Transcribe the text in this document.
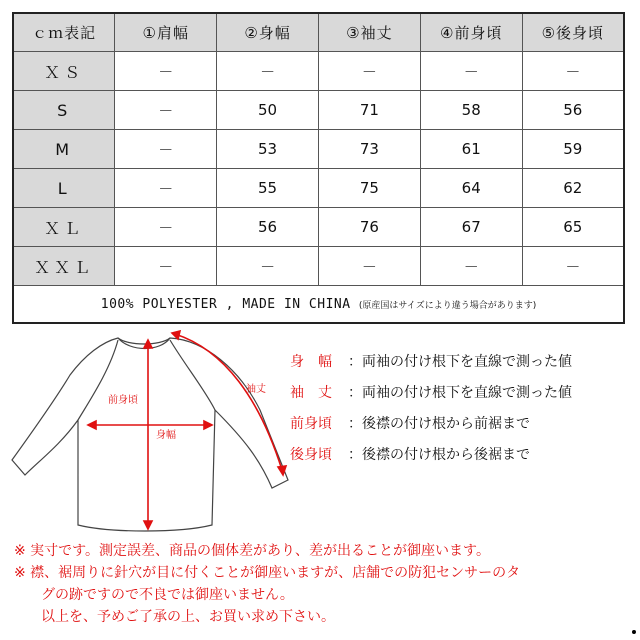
ｃｍ表記	①肩幅	②身幅	③袖丈	④前身頃	⑤後身頃
ＸＳ	－	－	－	－	－
S	－	50	71	58	56
M	－	53	73	61	59
L	－	55	75	64	62
ＸＬ	－	56	76	67	65
ＸＸＬ	－	－	－	－	－
100% POLYESTER , MADE IN CHINA (原産国はサイズにより違う場合があります)					
前身頃
身幅
袖丈
身　幅	： 両袖の付け根下を直線で測った値
袖　丈	： 両袖の付け根下を直線で測った値
前身頃	： 後襟の付け根から前裾まで
後身頃	： 後襟の付け根から後裾まで
※ 実寸です。測定誤差、商品の個体差があり、差が出ることが御座います。
※ 襟、裾周りに針穴が目に付くことが御座いますが、店舗での防犯センサーのタ
グの跡ですので不良では御座いません。
以上を、予めご了承の上、お買い求め下さい。
